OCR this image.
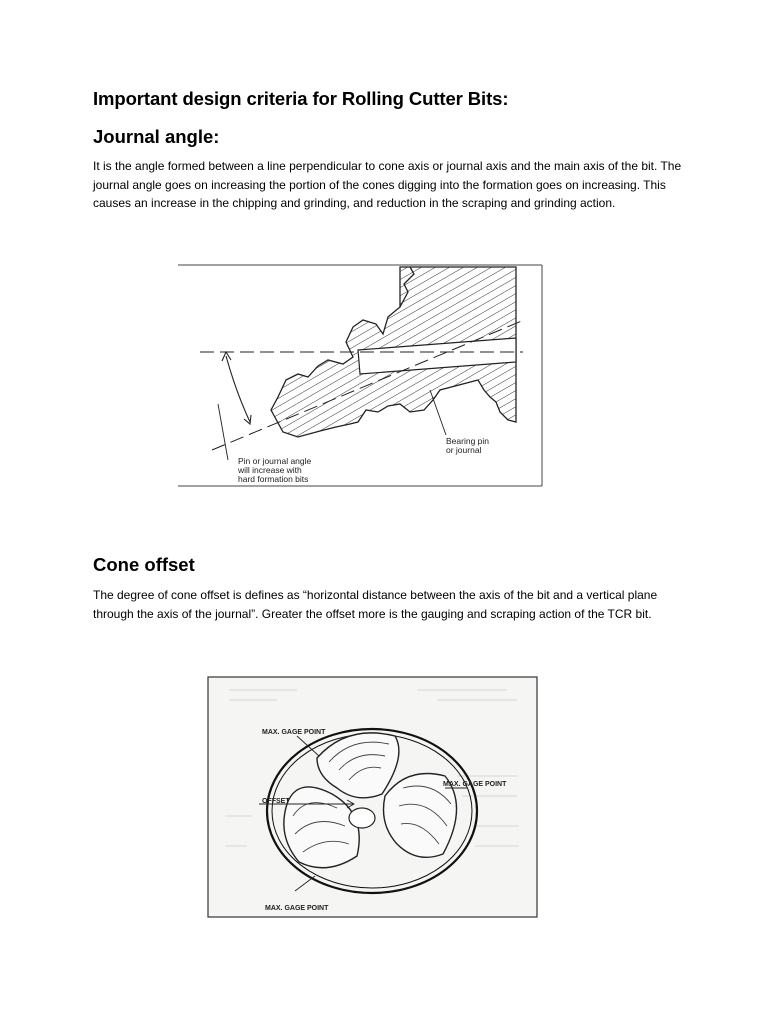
Important design criteria for Rolling Cutter Bits:
Journal angle:

It is the angle formed between a line perpendicular to cone axis or journal axis and the main axis of the bit. The journal angle goes on increasing the portion of the cones digging into the formation goes on increasing. This causes an increase in the chipping and grinding, and reduction in the scraping and grinding action.

Bearing pin
or journal
Pin or journal angle
will increase with
hard formation bits
Cone offset

The degree of cone offset is defines as “horizontal distance between the axis of the bit and a vertical plane through the axis of the journal”. Greater the offset more is the gauging and scraping action of the TCR bit.

MAX. GAGE POINT
MAX. GAGE POINT
OFFSET
MAX. GAGE POINT
